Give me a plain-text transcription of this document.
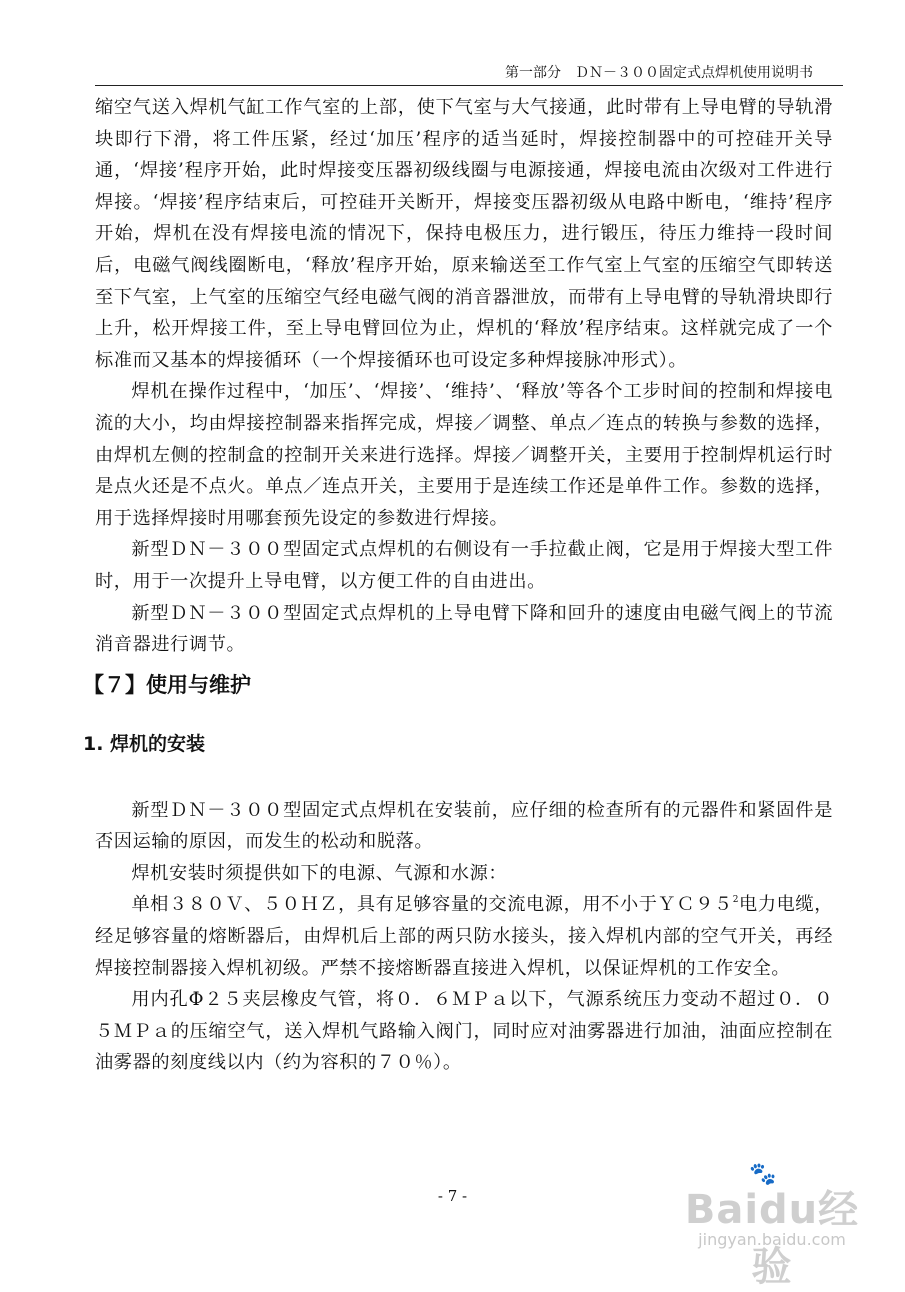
第一部分　ＤＮ－３００固定式点焊机使用说明书

缩空气送入焊机气缸工作气室的上部，使下气室与大气接通，此时带有上导电臂的导轨滑块即行下滑，将工件压紧，经过‘加压’程序的适当延时，焊接控制器中的可控硅开关导通，‘焊接’程序开始，此时焊接变压器初级线圈与电源接通，焊接电流由次级对工件进行焊接。‘焊接’程序结束后，可控硅开关断开，焊接变压器初级从电路中断电，‘维持’程序开始，焊机在没有焊接电流的情况下，保持电极压力，进行锻压，待压力维持一段时间后，电磁气阀线圈断电，‘释放’程序开始，原来输送至工作气室上气室的压缩空气即转送至下气室，上气室的压缩空气经电磁气阀的消音器泄放，而带有上导电臂的导轨滑块即行上升，松开焊接工件，至上导电臂回位为止，焊机的‘释放’程序结束。这样就完成了一个标准而又基本的焊接循环（一个焊接循环也可设定多种焊接脉冲形式）。

焊机在操作过程中，‘加压’、‘焊接’、‘维持’、‘释放’等各个工步时间的控制和焊接电流的大小，均由焊接控制器来指挥完成，焊接／调整、单点／连点的转换与参数的选择，由焊机左侧的控制盒的控制开关来进行选择。焊接／调整开关，主要用于控制焊机运行时是点火还是不点火。单点／连点开关，主要用于是连续工作还是单件工作。参数的选择，用于选择焊接时用哪套预先设定的参数进行焊接。

新型ＤＮ－３００型固定式点焊机的右侧设有一手拉截止阀，它是用于焊接大型工件时，用于一次提升上导电臂，以方便工件的自由进出。

新型ＤＮ－３００型固定式点焊机的上导电臂下降和回升的速度由电磁气阀上的节流消音器进行调节。

【７】使用与维护
1. 焊机的安装

新型ＤＮ－３００型固定式点焊机在安装前，应仔细的检查所有的元器件和紧固件是否因运输的原因，而发生的松动和脱落。

焊机安装时须提供如下的电源、气源和水源：

单相３８０Ｖ、５０ＨＺ，具有足够容量的交流电源，用不小于$YC95^2$电力电缆，经足够容量的熔断器后，由焊机后上部的两只防水接头，接入焊机内部的空气开关，再经焊接控制器接入焊机初级。严禁不接熔断器直接进入焊机，以保证焊机的工作安全。

用内孔Φ２５夹层橡皮气管，将０．６ＭＰａ以下，气源系统压力变动不超过０．０５ＭＰａ的压缩空气，送入焊机气路输入阀门，同时应对油雾器进行加油，油面应控制在油雾器的刻度线以内（约为容积的７０％）。

- 7 -
🐾
Baidu经验
jingyan.baidu.com
